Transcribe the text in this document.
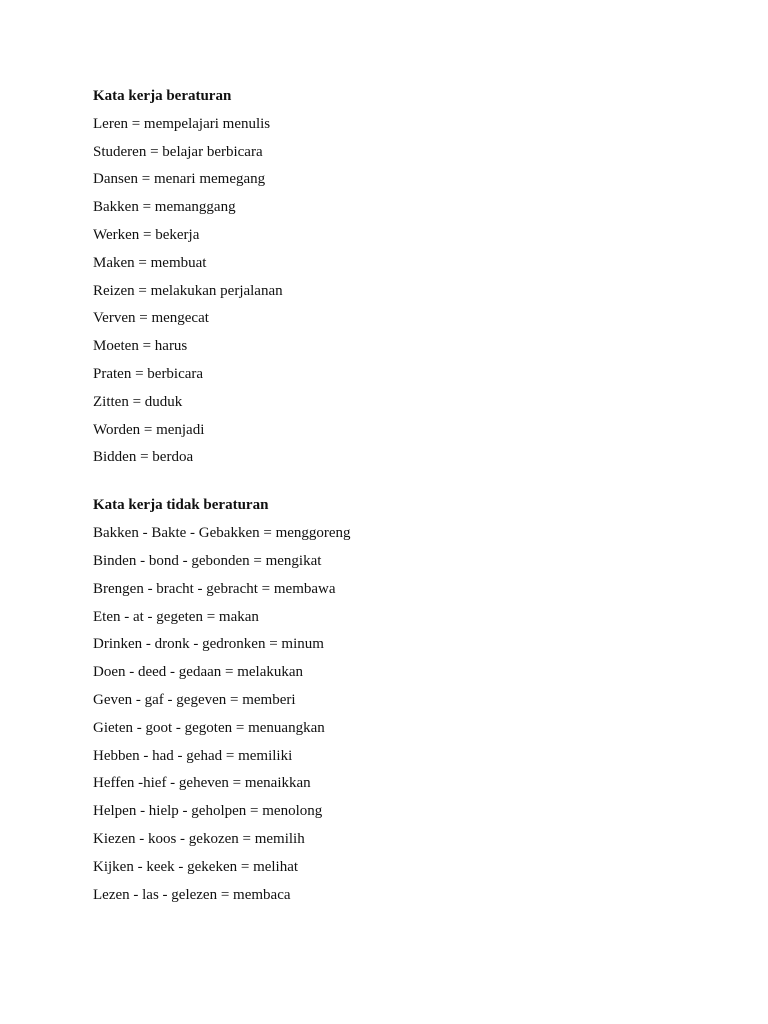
Kata kerja beraturan
Leren = mempelajari menulis
Studeren = belajar berbicara
Dansen = menari memegang
Bakken = memanggang
Werken = bekerja
Maken = membuat
Reizen = melakukan perjalanan
Verven = mengecat
Moeten = harus
Praten = berbicara
Zitten = duduk
Worden = menjadi
Bidden = berdoa
Kata kerja tidak beraturan
Bakken - Bakte - Gebakken = menggoreng
Binden - bond - gebonden = mengikat
Brengen - bracht - gebracht = membawa
Eten - at - gegeten = makan
Drinken - dronk - gedronken = minum
Doen - deed - gedaan = melakukan
Geven - gaf - gegeven = memberi
Gieten - goot - gegoten = menuangkan
Hebben - had - gehad = memiliki
Heffen -hief - geheven = menaikkan
Helpen - hielp - geholpen = menolong
Kiezen - koos - gekozen = memilih
Kijken - keek - gekeken = melihat
Lezen - las - gelezen = membaca
